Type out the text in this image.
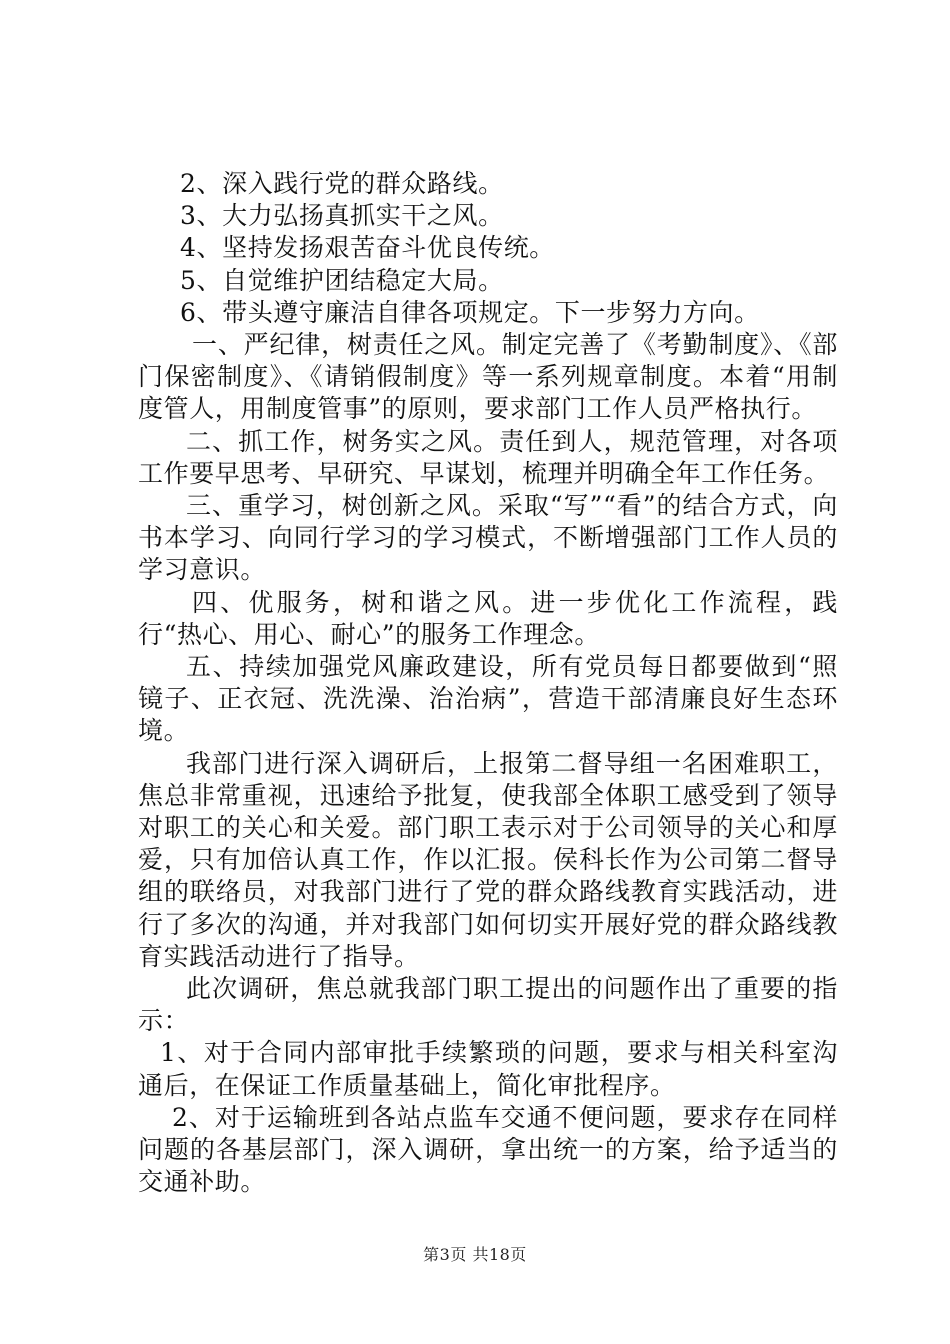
2、深入践行党的群众路线。

3、大力弘扬真抓实干之风。

4、坚持发扬艰苦奋斗优良传统。

5、自觉维护团结稳定大局。

6、带头遵守廉洁自律各项规定。下一步努力方向。

一、严纪律，树责任之风。制定完善了《考勤制度》、《部门保密制度》、《请销假制度》等一系列规章制度。本着“用制度管人，用制度管事”的原则，要求部门工作人员严格执行。

二、抓工作，树务实之风。责任到人，规范管理，对各项工作要早思考、早研究、早谋划，梳理并明确全年工作任务。

三、重学习，树创新之风。采取“写”“看”的结合方式，向书本学习、向同行学习的学习模式，不断增强部门工作人员的学习意识。

四、优服务，树和谐之风。进一步优化工作流程，践行“热心、用心、耐心”的服务工作理念。

五、持续加强党风廉政建设，所有党员每日都要做到“照镜子、正衣冠、洗洗澡、治治病”，营造干部清廉良好生态环境。

我部门进行深入调研后，上报第二督导组一名困难职工，焦总非常重视，迅速给予批复，使我部全体职工感受到了领导对职工的关心和关爱。部门职工表示对于公司领导的关心和厚爱，只有加倍认真工作，作以汇报。侯科长作为公司第二督导组的联络员，对我部门进行了党的群众路线教育实践活动，进行了多次的沟通，并对我部门如何切实开展好党的群众路线教育实践活动进行了指导。

此次调研，焦总就我部门职工提出的问题作出了重要的指示：

1、对于合同内部审批手续繁琐的问题，要求与相关科室沟通后，在保证工作质量基础上，简化审批程序。

2、对于运输班到各站点监车交通不便问题，要求存在同样问题的各基层部门，深入调研，拿出统一的方案，给予适当的交通补助。

第3页 共18页
